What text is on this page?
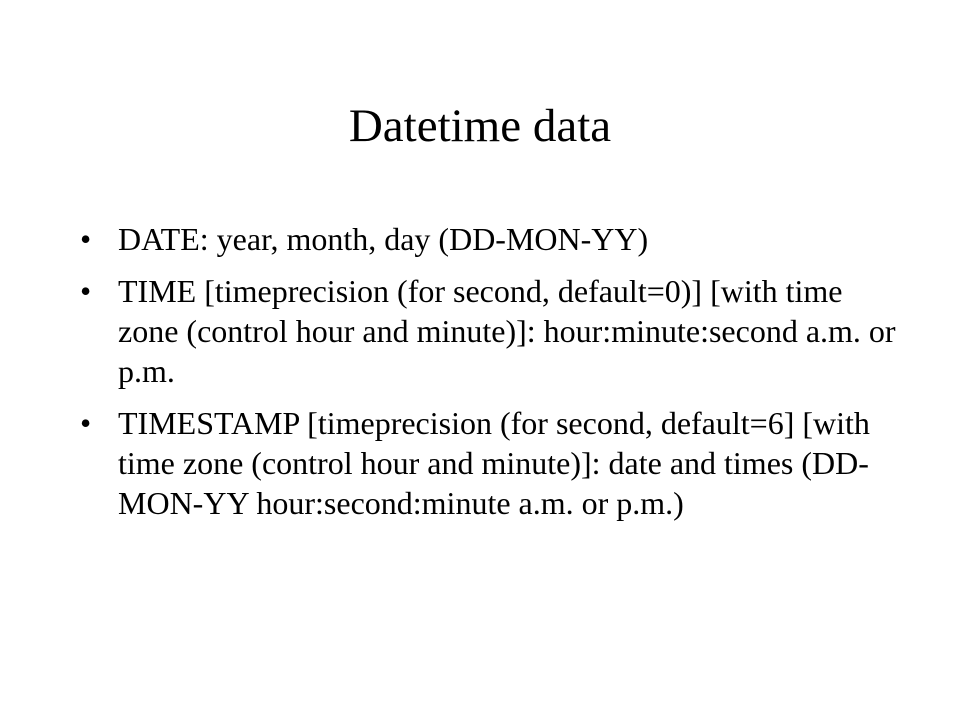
Datetime data
• DATE: year, month, day (DD-MON-YY)
• TIME [timeprecision (for second, default=0)] [with time zone (control hour and minute)]: hour:minute:second a.m. or p.m.
• TIMESTAMP [timeprecision (for second, default=6] [with time zone (control hour and minute)]: date and times (DD-MON-YY hour:second:minute a.m. or p.m.)
